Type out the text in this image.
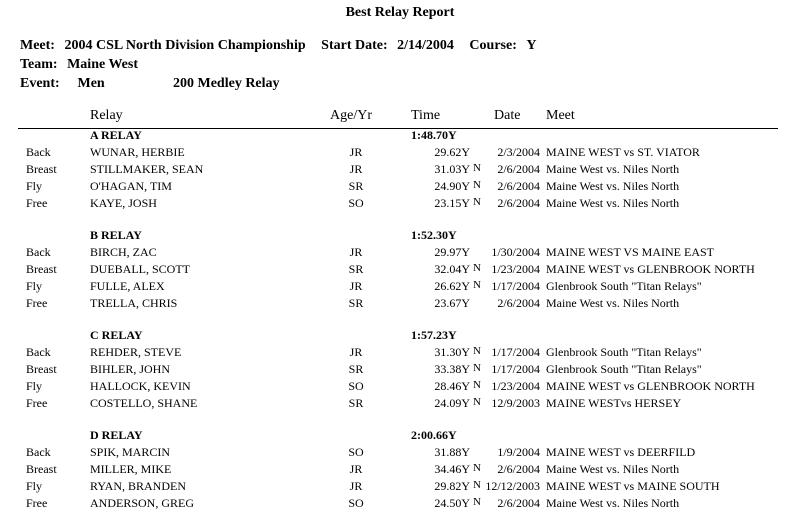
Best Relay Report
Meet: 2004 CSL North Division Championship Start Date: 2/14/2004 Course: Y
Team: Maine West
Event: Men	200 Medley Relay
Relay	Age/Yr	Time	Date Meet
A RELAY	1:48.70Y
Back	WUNAR, HERBIE	JR	29.62Y 2/3/2004 MAINE WEST vs ST. VIATOR
Breast	STILLMAKER, SEAN	JR	31.03Y N 2/6/2004 Maine West vs. Niles North
Fly	O'HAGAN, TIM	SR	24.90Y N 2/6/2004 Maine West vs. Niles North
Free	KAYE, JOSH	SO	23.15Y N 2/6/2004 Maine West vs. Niles North
B RELAY	1:52.30Y
Back	BIRCH, ZAC	JR	29.97Y 1/30/2004 MAINE WEST VS MAINE EAST
Breast	DUEBALL, SCOTT	SR	32.04Y N 1/23/2004 MAINE WEST vs GLENBROOK NORTH
Fly	FULLE, ALEX	JR	26.62Y N 1/17/2004 Glenbrook South "Titan Relays"
Free	TRELLA, CHRIS	SR	23.67Y 2/6/2004 Maine West vs. Niles North
C RELAY	1:57.23Y
Back	REHDER, STEVE	JR	31.30Y N 1/17/2004 Glenbrook South "Titan Relays"
Breast	BIHLER, JOHN	SR	33.38Y N 1/17/2004 Glenbrook South "Titan Relays"
Fly	HALLOCK, KEVIN	SO	28.46Y N 1/23/2004 MAINE WEST vs GLENBROOK NORTH
Free	COSTELLO, SHANE	SR	24.09Y N 12/9/2003 MAINE WESTvs HERSEY
D RELAY	2:00.66Y
Back	SPIK, MARCIN	SO	31.88Y 1/9/2004 MAINE WEST vs DEERFILD
Breast	MILLER, MIKE	JR	34.46Y N 2/6/2004 Maine West vs. Niles North
Fly	RYAN, BRANDEN	JR	29.82Y N 12/12/2003 MAINE WEST vs MAINE SOUTH
Free	ANDERSON, GREG	SO	24.50Y N 2/6/2004 Maine West vs. Niles North
